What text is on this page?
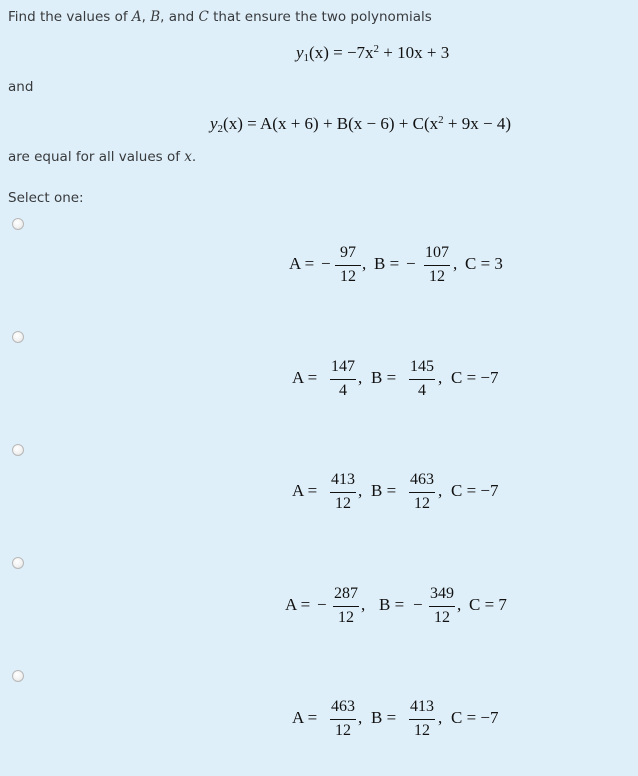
Find the values of A, B, and C that ensure the two polynomials
$y_1(x) = -7x^2 + 10x + 3$
and
$y_2(x) = A(x + 6) + B(x - 6) + C(x^2 + 9x - 4)$
are equal for all values of x.
Select one:
A = −
97
12
, B = −
107
12
, C = 3
A =
147
4
, B =
145
4
, C = −7
A =
413
12
, B =
463
12
, C = −7
A = −
287
12
, B = −
349
12
, C = 7
A =
463
12
, B =
413
12
, C = −7
